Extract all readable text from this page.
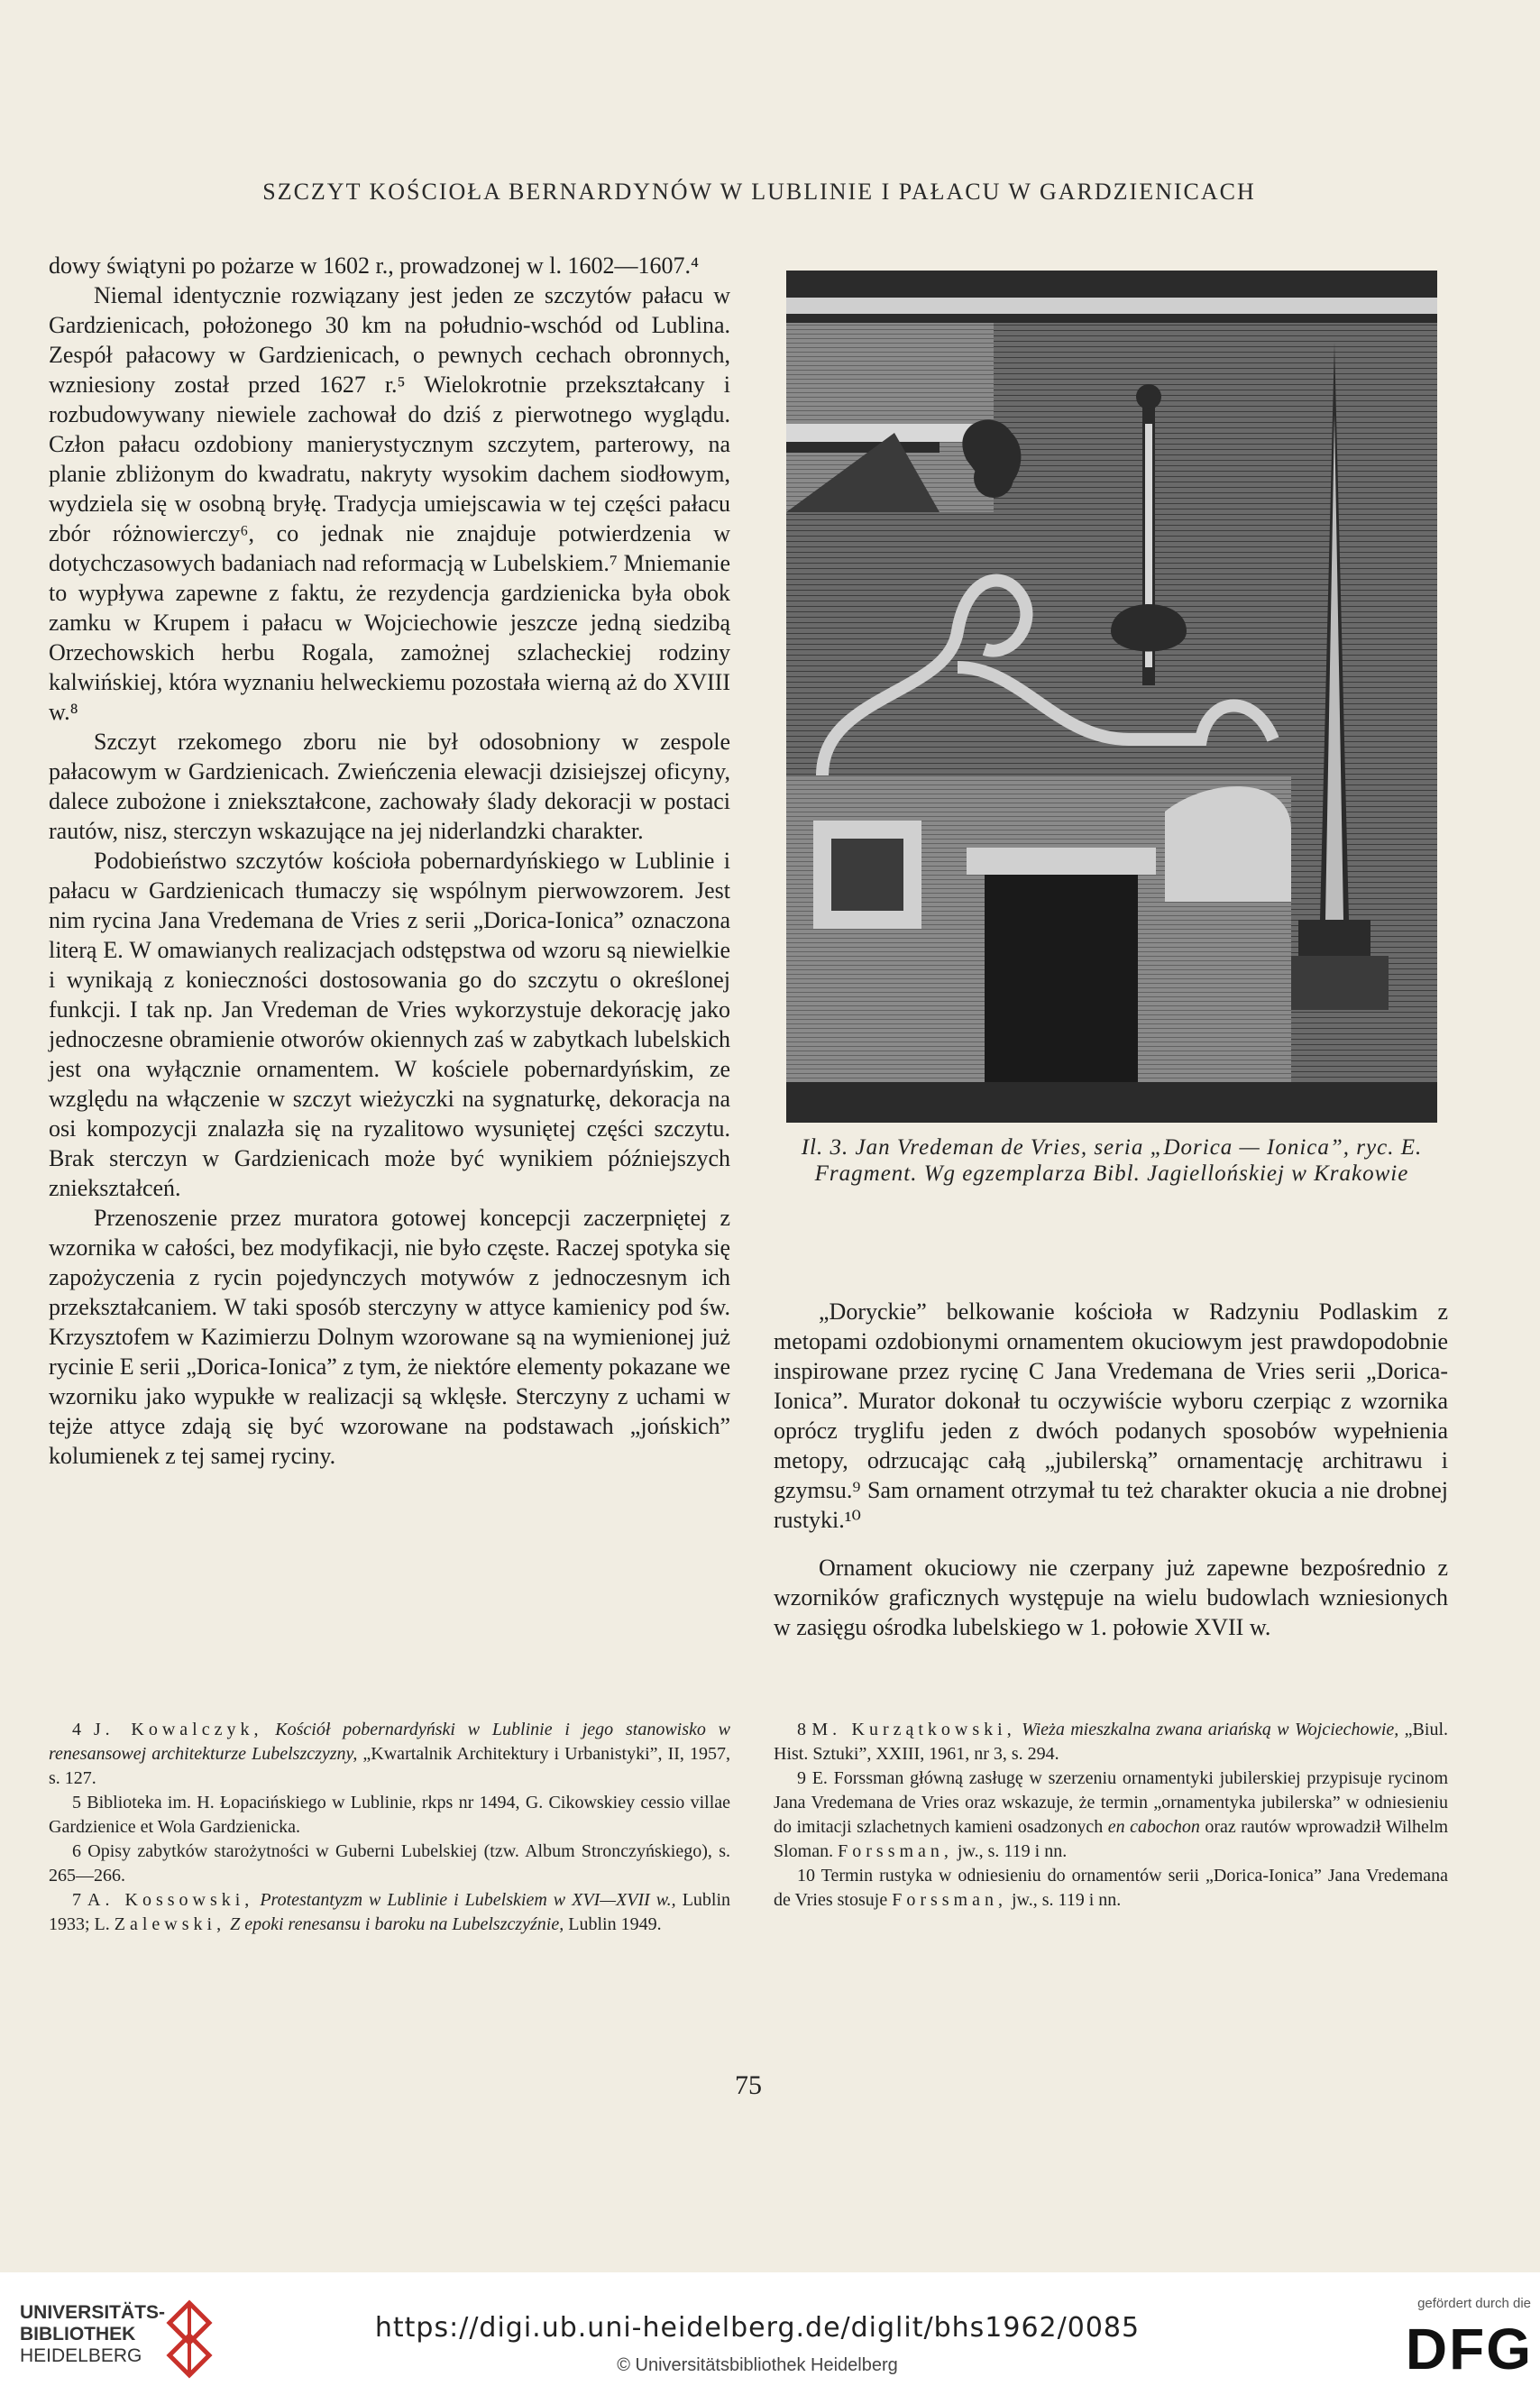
SZCZYT KOŚCIOŁA BERNARDYNÓW W LUBLINIE I PAŁACU W GARDZIENICACH

dowy świątyni po pożarze w 1602 r., prowadzonej w l. 1602—1607.⁴

Niemal identycznie rozwiązany jest jeden ze szczytów pałacu w Gardzienicach, położonego 30 km na południo-wschód od Lublina. Zespół pałacowy w Gardzienicach, o pewnych cechach obronnych, wzniesiony został przed 1627 r.⁵ Wielokrotnie przekształcany i rozbudowywany niewiele zachował do dziś z pierwotnego wyglądu. Człon pałacu ozdobiony manierystycznym szczytem, parterowy, na planie zbliżonym do kwadratu, nakryty wysokim dachem siodłowym, wydziela się w osobną bryłę. Tradycja umiejscawia w tej części pałacu zbór różnowierczy⁶, co jednak nie znajduje potwierdzenia w dotychczasowych badaniach nad reformacją w Lubelskiem.⁷ Mniemanie to wypływa zapewne z faktu, że rezydencja gardzienicka była obok zamku w Krupem i pałacu w Wojciechowie jeszcze jedną siedzibą Orzechowskich herbu Rogala, zamożnej szlacheckiej rodziny kalwińskiej, która wyznaniu helweckiemu pozostała wierną aż do XVIII w.⁸

Szczyt rzekomego zboru nie był odosobniony w zespole pałacowym w Gardzienicach. Zwieńczenia elewacji dzisiejszej oficyny, dalece zubożone i zniekształcone, zachowały ślady dekoracji w postaci rautów, nisz, sterczyn wskazujące na jej niderlandzki charakter.

Podobieństwo szczytów kościoła pobernardyńskiego w Lublinie i pałacu w Gardzienicach tłumaczy się wspólnym pierwowzorem. Jest nim rycina Jana Vredemana de Vries z serii „Dorica-Ionica” oznaczona literą E. W omawianych realizacjach odstępstwa od wzoru są niewielkie i wynikają z konieczności dostosowania go do szczytu o określonej funkcji. I tak np. Jan Vredeman de Vries wykorzystuje dekorację jako jednoczesne obramienie otworów okiennych zaś w zabytkach lubelskich jest ona wyłącznie ornamentem. W kościele pobernardyńskim, ze względu na włączenie w szczyt wieżyczki na sygnaturkę, dekoracja na osi kompozycji znalazła się na ryzalitowo wysuniętej części szczytu. Brak sterczyn w Gardzienicach może być wynikiem późniejszych zniekształceń.

Przenoszenie przez muratora gotowej koncepcji zaczerpniętej z wzornika w całości, bez modyfikacji, nie było częste. Raczej spotyka się zapożyczenia z rycin pojedynczych motywów z jednoczesnym ich przekształcaniem. W taki sposób sterczyny w attyce kamienicy pod św. Krzysztofem w Kazimierzu Dolnym wzorowane są na wymienionej już rycinie E serii „Dorica-Ionica” z tym, że niektóre elementy pokazane we wzorniku jako wypukłe w realizacji są wklęsłe. Sterczyny z uchami w tejże attyce zdają się być wzorowane na podstawach „jońskich” kolumienek z tej samej ryciny.

Il. 3. Jan Vredeman de Vries, seria „Dorica — Ionica”, ryc. E. Fragment. Wg egzemplarza Bibl. Jagiellońskiej w Krakowie

„Doryckie” belkowanie kościoła w Radzyniu Podlaskim z metopami ozdobionymi ornamentem okuciowym jest prawdopodobnie inspirowane przez rycinę C Jana Vredemana de Vries serii „Dorica-Ionica”. Murator dokonał tu oczywiście wyboru czerpiąc z wzornika oprócz tryglifu jeden z dwóch podanych sposobów wypełnienia metopy, odrzucając całą „jubilerską” ornamentację architrawu i gzymsu.⁹ Sam ornament otrzymał tu też charakter okucia a nie drobnej rustyki.¹⁰

Ornament okuciowy nie czerpany już zapewne bezpośrednio z wzorników graficznych występuje na wielu budowlach wzniesionych w zasięgu ośrodka lubelskiego w 1. połowie XVII w.

4 J. Kowalczyk, Kościół pobernardyński w Lublinie i jego stanowisko w renesansowej architekturze Lubelszczyzny, „Kwartalnik Architektury i Urbanistyki”, II, 1957, s. 127.

5 Biblioteka im. H. Łopacińskiego w Lublinie, rkps nr 1494, G. Cikowskiey cessio villae Gardzienice et Wola Gardzienicka.

6 Opisy zabytków starożytności w Guberni Lubelskiej (tzw. Album Stronczyńskiego), s. 265—266.

7 A. Kossowski, Protestantyzm w Lublinie i Lubelskiem w XVI—XVII w., Lublin 1933; L. Zalewski, Z epoki renesansu i baroku na Lubelszczyźnie, Lublin 1949.

8 M. Kurzątkowski, Wieża mieszkalna zwana ariańską w Wojciechowie, „Biul. Hist. Sztuki”, XXIII, 1961, nr 3, s. 294.

9 E. Forssman główną zasługę w szerzeniu ornamentyki jubilerskiej przypisuje rycinom Jana Vredemana de Vries oraz wskazuje, że termin „ornamentyka jubilerska” w odniesieniu do imitacji szlachetnych kamieni osadzonych en cabochon oraz rautów wprowadził Wilhelm Sloman. Forssman, jw., s. 119 i nn.

10 Termin rustyka w odniesieniu do ornamentów serii „Dorica-Ionica” Jana Vredemana de Vries stosuje Forssman, jw., s. 119 i nn.

75
UNIVERSITÄTS-
BIBLIOTHEK
HEIDELBERG
https://digi.ub.uni-heidelberg.de/diglit/bhs1962/0085
© Universitätsbibliothek Heidelberg
gefördert durch die
DFG
